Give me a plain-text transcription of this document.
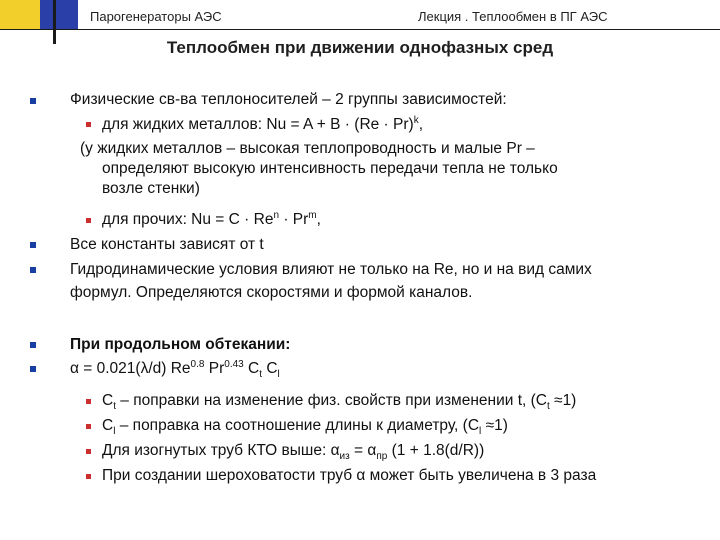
Парогенераторы АЭС	Лекция . Теплообмен в ПГ АЭС
Теплообмен при движении однофазных сред
Физические св-ва теплоносителей – 2 группы зависимостей:
для жидких металлов: $Nu = A + B \cdot (Re \cdot Pr)^k$,
(у жидких металлов – высокая теплопроводность и малые Pr –
определяют высокую интенсивность передачи тепла не только
возле стенки)
для прочих: $Nu = C \cdot Re^n \cdot Pr^m$,
Все константы зависят от t
Гидродинамические условия влияют не только на Re, но и на вид самих
формул. Определяются скоростями и формой каналов.
При продольном обтекании:
α = 0.021(λ/d) $Re^{0.8}$ $Pr^{0.43}$ $C_t$ $C_l$
$C_t$ – поправки на изменение физ. свойств при изменении t, $(C_t \approx 1)$
$C_l$ – поправка на соотношение длины к диаметру, $(C_l \approx 1)$
Для изогнутых труб КТО выше: $\alpha_{из} = \alpha_{пр}$ (1 + 1.8(d/R))
При создании шероховатости труб α может быть увеличена в 3 раза
